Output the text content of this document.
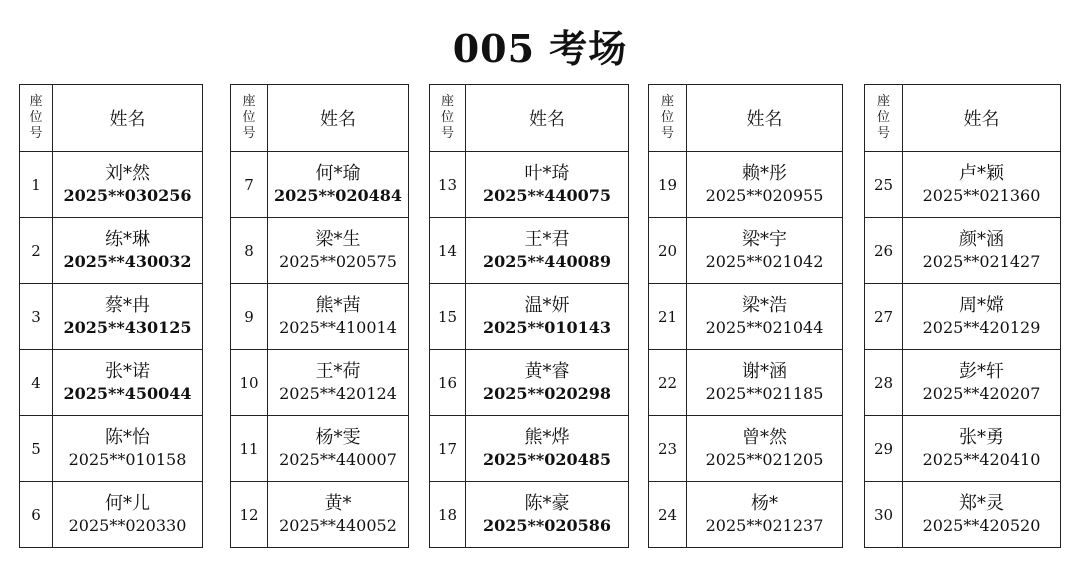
005 考场
座
位
号	姓名
1	刘*然
2025**030256

2	练*琳
2025**430032

3	蔡*冉
2025**430125

4	张*诺
2025**450044

5	陈*怡
2025**010158

6	何*儿
2025**020330
座
位
号	姓名
7	何*瑜
2025**020484

8	梁*生
2025**020575

9	熊*茜
2025**410014

10	王*荷
2025**420124

11	杨*雯
2025**440007

12	黄*
2025**440052
座
位
号	姓名
13	叶*琦
2025**440075

14	王*君
2025**440089

15	温*妍
2025**010143

16	黄*睿
2025**020298

17	熊*烨
2025**020485

18	陈*豪
2025**020586
座
位
号	姓名
19	赖*彤
2025**020955

20	梁*宇
2025**021042

21	梁*浩
2025**021044

22	谢*涵
2025**021185

23	曾*然
2025**021205

24	杨*
2025**021237
座
位
号	姓名
25	卢*颖
2025**021360

26	颜*涵
2025**021427

27	周*嫦
2025**420129

28	彭*轩
2025**420207

29	张*勇
2025**420410

30	郑*灵
2025**420520
